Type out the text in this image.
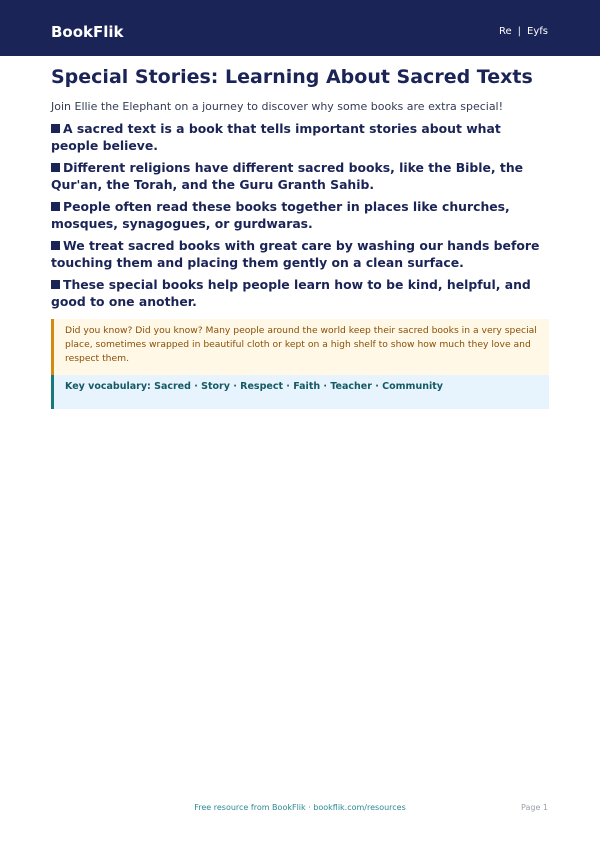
BookFlik	Re | Eyfs
Special Stories: Learning About Sacred Texts

Join Ellie the Elephant on a journey to discover why some books are extra special!

A sacred text is a book that tells important stories about what people believe.
Different religions have different sacred books, like the Bible, the Qur'an, the Torah, and the Guru Granth Sahib.
People often read these books together in places like churches, mosques, synagogues, or gurdwaras.
We treat sacred books with great care by washing our hands before touching them and placing them gently on a clean surface.
These special books help people learn how to be kind, helpful, and good to one another.
Did you know? Did you know? Many people around the world keep their sacred books in a very special place, sometimes wrapped in beautiful cloth or kept on a high shelf to show how much they love and respect them.
Key vocabulary: Sacred · Story · Respect · Faith · Teacher · Community
Free resource from BookFlik · bookflik.com/resources	Page 1
